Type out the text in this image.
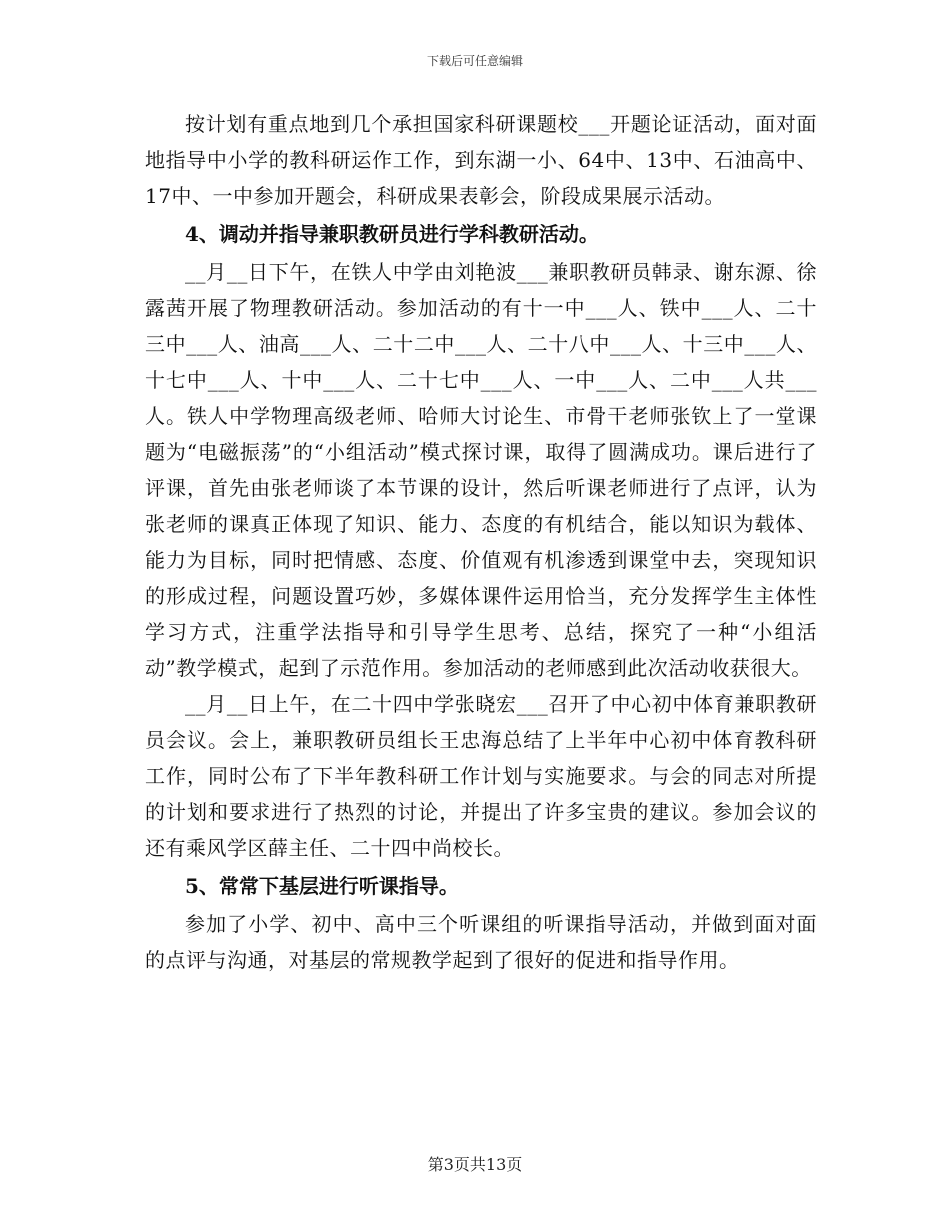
下载后可任意编辑

按计划有重点地到几个承担国家科研课题校___开题论证活动，面对面地指导中小学的教科研运作工作，到东湖一小、64中、13中、石油高中、17中、一中参加开题会，科研成果表彰会，阶段成果展示活动。

4、调动并指导兼职教研员进行学科教研活动。

__月__日下午，在铁人中学由刘艳波___兼职教研员韩录、谢东源、徐露茜开展了物理教研活动。参加活动的有十一中___人、铁中___人、二十三中___人、油高___人、二十二中___人、二十八中___人、十三中___人、十七中___人、十中___人、二十七中___人、一中___人、二中___人共___人。铁人中学物理高级老师、哈师大讨论生、市骨干老师张钦上了一堂课题为“电磁振荡”的“小组活动”模式探讨课，取得了圆满成功。课后进行了评课，首先由张老师谈了本节课的设计，然后听课老师进行了点评，认为张老师的课真正体现了知识、能力、态度的有机结合，能以知识为载体、能力为目标，同时把情感、态度、价值观有机渗透到课堂中去，突现知识的形成过程，问题设置巧妙，多媒体课件运用恰当，充分发挥学生主体性学习方式，注重学法指导和引导学生思考、总结，探究了一种“小组活动”教学模式，起到了示范作用。参加活动的老师感到此次活动收获很大。

__月__日上午，在二十四中学张晓宏___召开了中心初中体育兼职教研员会议。会上，兼职教研员组长王忠海总结了上半年中心初中体育教科研工作，同时公布了下半年教科研工作计划与实施要求。与会的同志对所提的计划和要求进行了热烈的讨论，并提出了许多宝贵的建议。参加会议的还有乘风学区薛主任、二十四中尚校长。

5、常常下基层进行听课指导。

参加了小学、初中、高中三个听课组的听课指导活动，并做到面对面的点评与沟通，对基层的常规教学起到了很好的促进和指导作用。

第3页共13页
